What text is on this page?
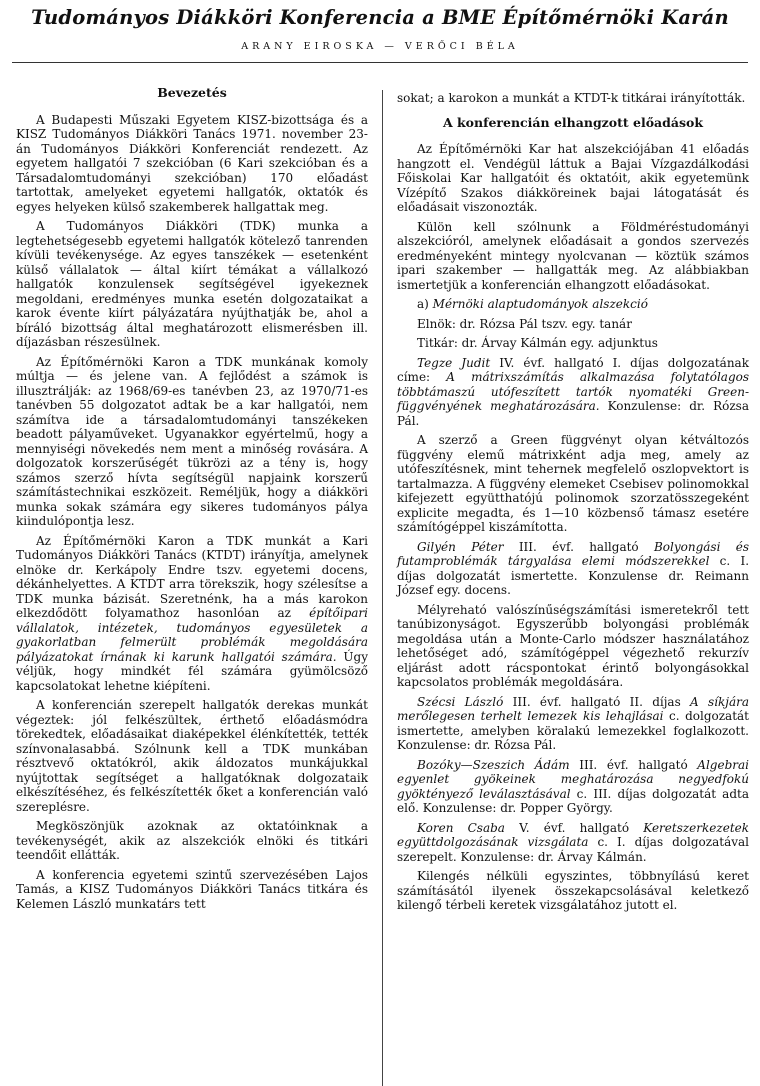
Tudományos Diákköri Konferencia a BME Építőmérnöki Karán
ARANY EIROSKA — VERŐCI BÉLA
Bevezetés

A Budapesti Műszaki Egyetem KISZ-bizottsága és a KISZ Tudományos Diákköri Tanács 1971. november 23-án Tudományos Diákköri Konferenciát rendezett. Az egyetem hallgatói 7 szekcióban (6 Kari szekcióban és a Társadalomtudományi szekcióban) 170 előadást tartottak, amelyeket egyetemi hallgatók, oktatók és egyes helyeken külső szakemberek hallgattak meg.

A Tudományos Diákköri (TDK) munka a legtehetségesebb egyetemi hallgatók kötelező tanrenden kívüli tevékenysége. Az egyes tanszékek — esetenként külső vállalatok — által kiírt témákat a vállalkozó hallgatók konzulensek segítségével igyekeznek megoldani, eredményes munka esetén dolgozataikat a karok évente kiírt pályázatára nyújthatják be, ahol a bíráló bizottság által meghatározott elismerésben ill. díjazásban részesülnek.

Az Építőmérnöki Karon a TDK munkának komoly múltja — és jelene van. A fejlődést a számok is illusztrálják: az 1968/69-es tanévben 23, az 1970/71-es tanévben 55 dolgozatot adtak be a kar hallgatói, nem számítva ide a társadalomtudományi tanszékeken beadott pályaműveket. Ugyanakkor egyértelmű, hogy a mennyiségi növekedés nem ment a minőség rovására. A dolgozatok korszerűségét tükrözi az a tény is, hogy számos szerző hívta segítségül napjaink korszerű számítástechnikai eszközeit. Reméljük, hogy a diákköri munka sokak számára egy sikeres tudományos pálya kiindulópontja lesz.

Az Építőmérnöki Karon a TDK munkát a Kari Tudományos Diákköri Tanács (KTDT) irányítja, amelynek elnöke dr. Kerkápoly Endre tszv. egyetemi docens, dékánhelyettes. A KTDT arra törekszik, hogy szélesítse a TDK munka bázisát. Szeretnénk, ha a más karokon elkezdődött folyamathoz hasonlóan az építőipari vállalatok, intézetek, tudományos egyesületek a gyakorlatban felmerült problémák megoldására pályázatokat írnának ki karunk hallgatói számára. Úgy véljük, hogy mindkét fél számára gyümölcsöző kapcsolatokat lehetne kiépíteni.

A konferencián szerepelt hallgatók derekas munkát végeztek: jól felkészültek, érthető előadásmódra törekedtek, előadásaikat diaképekkel élénkítették, tették színvonalasabbá. Szólnunk kell a TDK munkában résztvevő oktatókról, akik áldozatos munkájukkal nyújtottak segítséget a hallgatóknak dolgozataik elkészítéséhez, és felkészítették őket a konferencián való szereplésre.

Megköszönjük azoknak az oktatóinknak a tevékenységét, akik az alszekciók elnöki és titkári teendőit ellátták.

A konferencia egyetemi szintű szervezésében Lajos Tamás, a KISZ Tudományos Diákköri Tanács titkára és Kelemen László munkatárs tett

sokat; a karokon a munkát a KTDT-k titkárai irányították.

A konferencián elhangzott előadások

Az Építőmérnöki Kar hat alszekciójában 41 előadás hangzott el. Vendégül láttuk a Bajai Vízgazdálkodási Főiskolai Kar hallgatóit és oktatóit, akik egyetemünk Vízépítő Szakos diákköreinek bajai látogatását és előadásait viszonozták.

Külön kell szólnunk a Földméréstudományi alszekcióról, amelynek előadásait a gondos szervezés eredményeként mintegy nyolcvanan — köztük számos ipari szakember — hallgatták meg. Az alábbiakban ismertetjük a konferencián elhangzott előadásokat.

a) Mérnöki alaptudományok alszekció

Elnök: dr. Rózsa Pál tszv. egy. tanár

Titkár: dr. Árvay Kálmán egy. adjunktus

Tegze Judit IV. évf. hallgató I. díjas dolgozatának címe: A mátrixszámítás alkalmazása folytatólagos többtámaszú utófeszített tartók nyomatéki Green-függvényének meghatározására. Konzulense: dr. Rózsa Pál.

A szerző a Green függvényt olyan kétváltozós függvény elemű mátrixként adja meg, amely az utófeszítésnek, mint tehernek megfelelő oszlopvektort is tartalmazza. A függvény elemeket Csebisev polinomokkal kifejezett együtthatójú polinomok szorzatösszegeként explicite megadta, és 1—10 közbenső támasz esetére számítógéppel kiszámította.

Gilyén Péter III. évf. hallgató Bolyongási és futamproblémák tárgyalása elemi módszerekkel c. I. díjas dolgozatát ismertette. Konzulense dr. Reimann József egy. docens.

Mélyreható valószínűségszámítási ismeretekről tett tanúbizonyságot. Egyszerűbb bolyongási problémák megoldása után a Monte-Carlo módszer használatához lehetőséget adó, számítógéppel végezhető rekurzív eljárást adott rácspontokat érintő bolyongásokkal kapcsolatos problémák megoldására.

Szécsi László III. évf. hallgató II. díjas A síkjára merőlegesen terhelt lemezek kis lehajlásai c. dolgozatát ismertette, amelyben köralakú lemezekkel foglalkozott. Konzulense: dr. Rózsa Pál.

Bozóky—Szeszich Ádám III. évf. hallgató Algebrai egyenlet gyökeinek meghatározása negyedfokú gyöktényező leválasztásával c. III. díjas dolgozatát adta elő. Konzulense: dr. Popper György.

Koren Csaba V. évf. hallgató Keretszerkezetek együttdolgozásának vizsgálata c. I. díjas dolgozatával szerepelt. Konzulense: dr. Árvay Kálmán.

Kilengés nélküli egyszintes, többnyílású keret számításától ilyenek összekapcsolásával keletkező kilengő térbeli keretek vizsgálatához jutott el.
